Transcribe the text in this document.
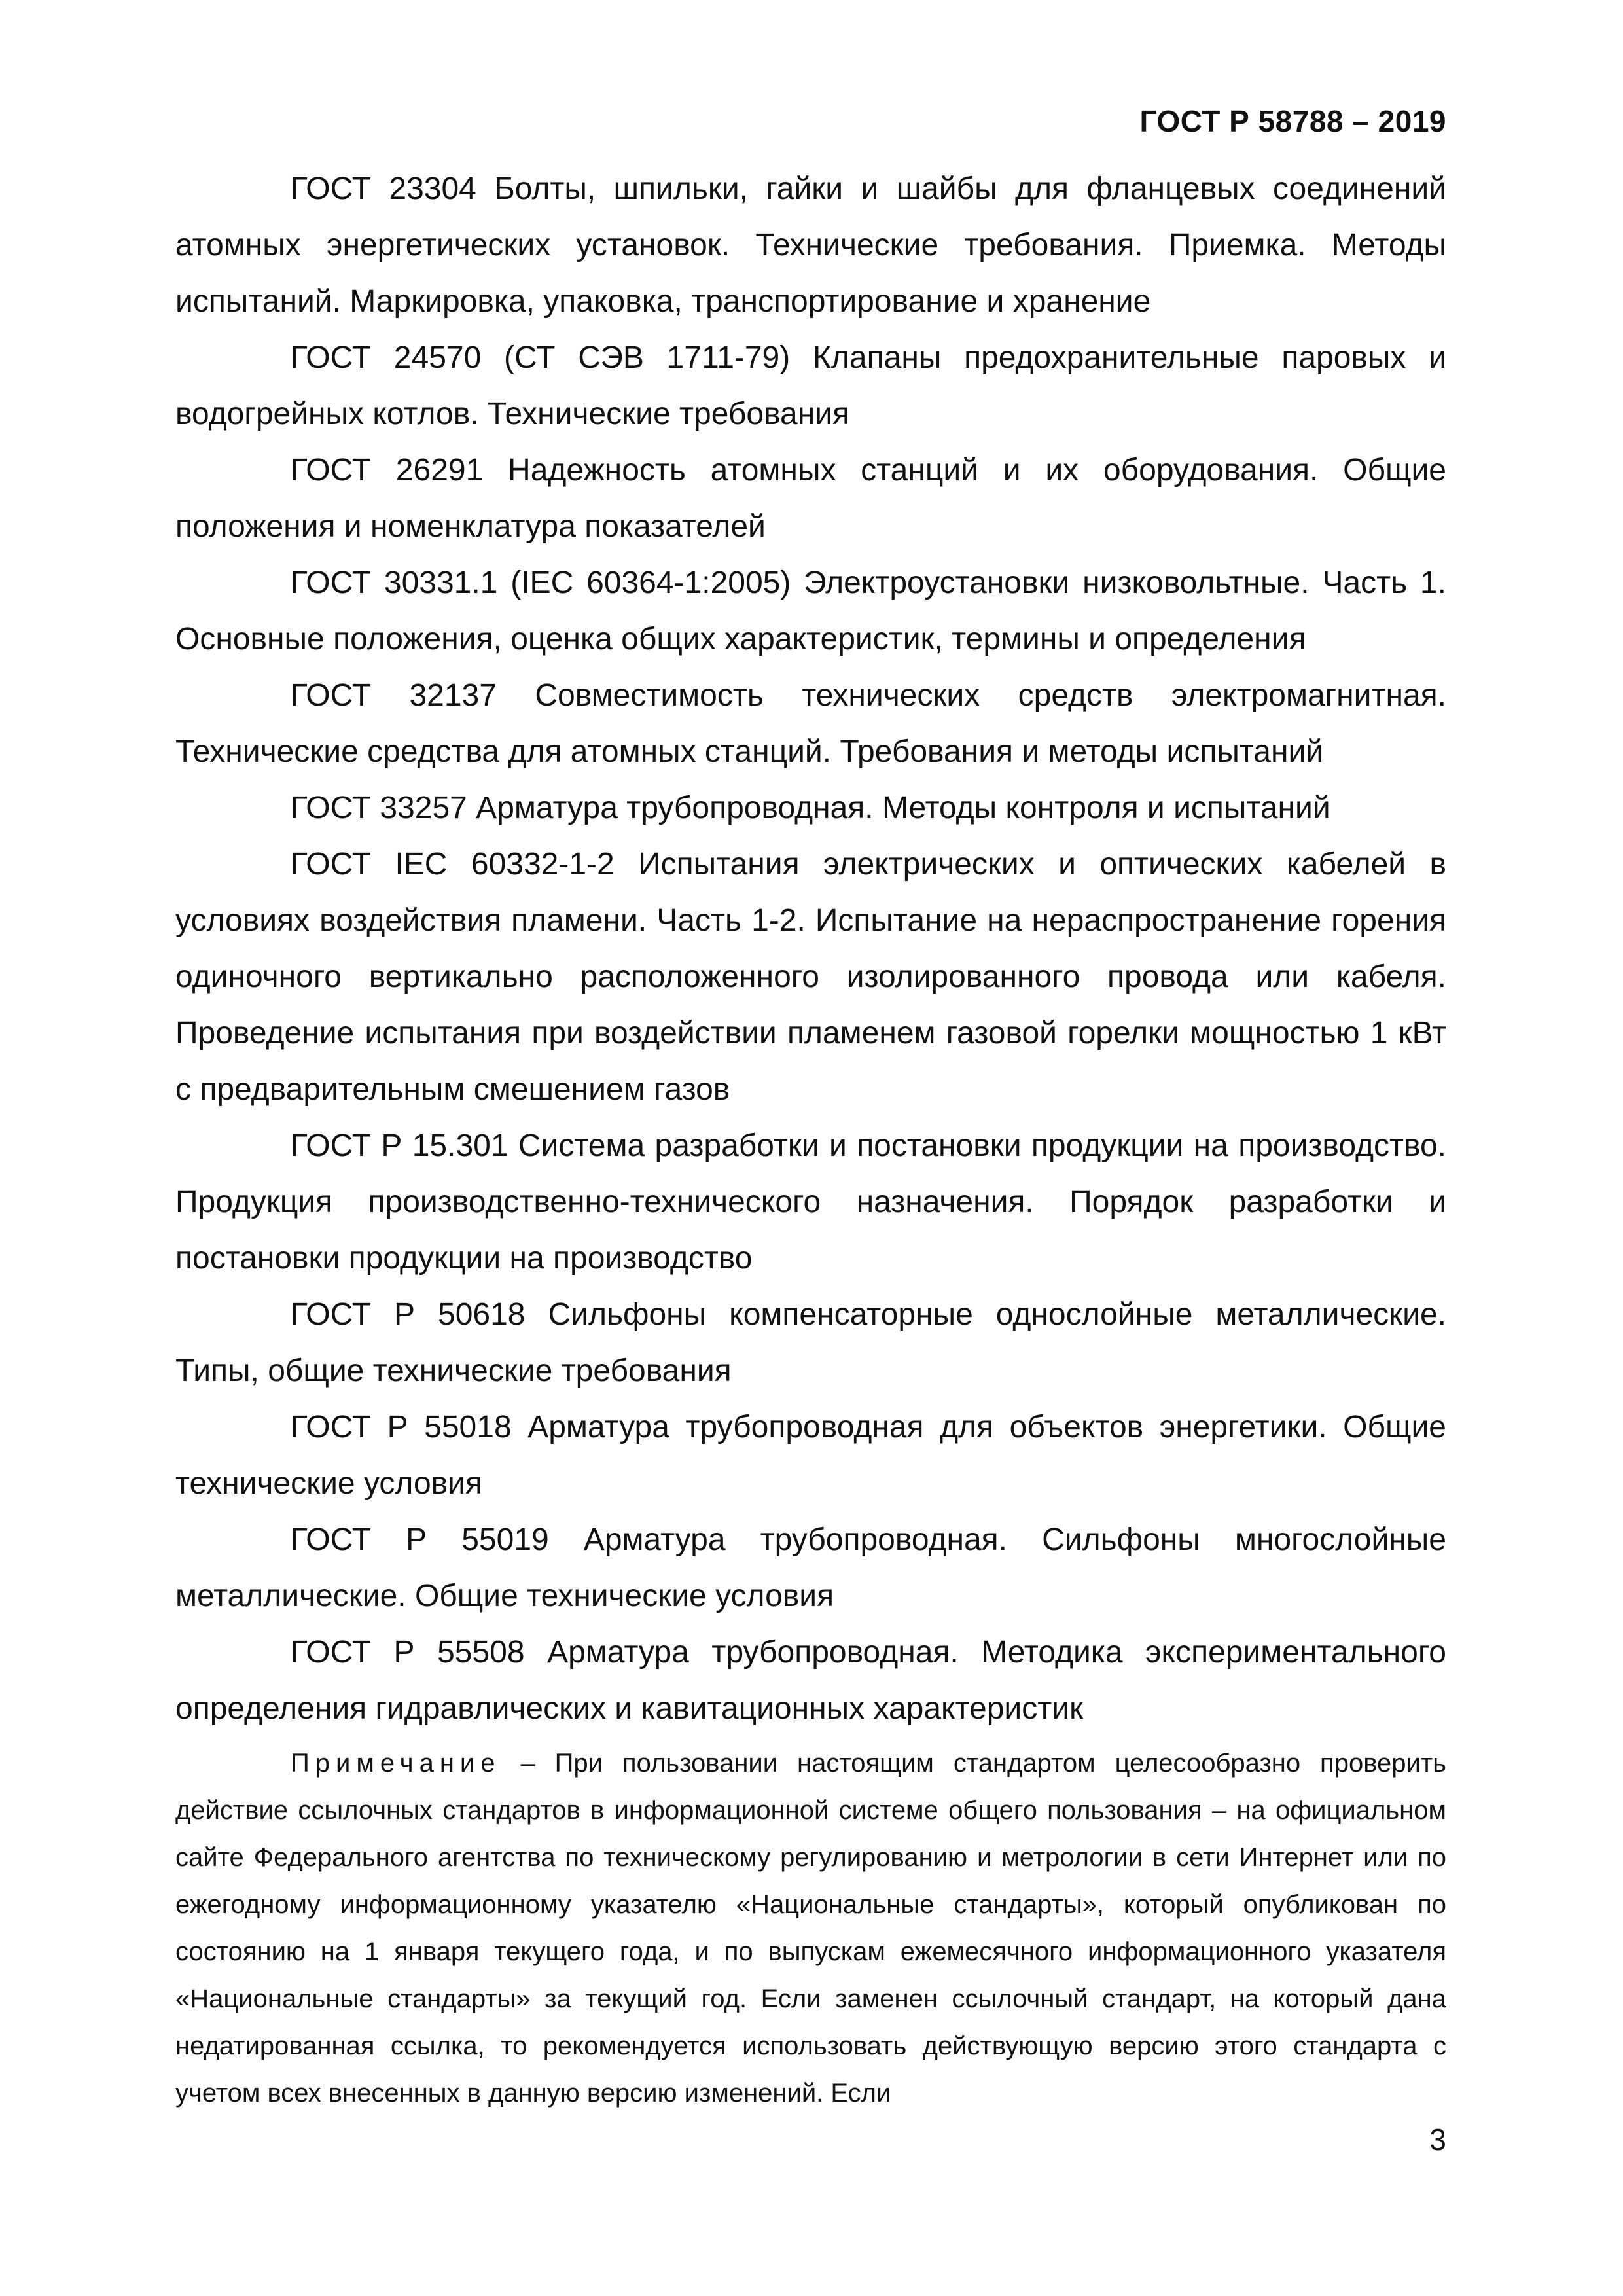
ГОСТ Р 58788 – 2019

ГОСТ 23304 Болты, шпильки, гайки и шайбы для фланцевых соединений атомных энергетических установок. Технические требования. Приемка. Методы испытаний. Маркировка, упаковка, транспортирование и хранение

ГОСТ 24570 (СТ СЭВ 1711-79) Клапаны предохранительные паровых и водогрейных котлов. Технические требования

ГОСТ 26291 Надежность атомных станций и их оборудования. Общие положения и номенклатура показателей

ГОСТ 30331.1 (IEC 60364-1:2005) Электроустановки низковольтные. Часть 1. Основные положения, оценка общих характеристик, термины и определения

ГОСТ 32137 Совместимость технических средств электромагнитная. Технические средства для атомных станций. Требования и методы испытаний

ГОСТ 33257 Арматура трубопроводная. Методы контроля и испытаний

ГОСТ IEC 60332-1-2 Испытания электрических и оптических кабелей в условиях воздействия пламени. Часть 1-2. Испытание на нераспространение горения одиночного вертикально расположенного изолированного провода или кабеля. Проведение испытания при воздействии пламенем газовой горелки мощностью 1 кВт с предварительным смешением газов

ГОСТ Р 15.301 Система разработки и постановки продукции на производство. Продукция производственно-технического назначения. Порядок разработки и постановки продукции на производство

ГОСТ Р 50618 Сильфоны компенсаторные однослойные металлические. Типы, общие технические требования

ГОСТ Р 55018 Арматура трубопроводная для объектов энергетики. Общие технические условия

ГОСТ Р 55019 Арматура трубопроводная. Сильфоны многослойные металлические. Общие технические условия

ГОСТ Р 55508 Арматура трубопроводная. Методика экспериментального определения гидравлических и кавитационных характеристик

Примечание – При пользовании настоящим стандартом целесообразно проверить действие ссылочных стандартов в информационной системе общего пользования – на официальном сайте Федерального агентства по техническому регулированию и метрологии в сети Интернет или по ежегодному информационному указателю «Национальные стандарты», который опубликован по состоянию на 1 января текущего года, и по выпускам ежемесячного информационного указателя «Национальные стандарты» за текущий год. Если заменен ссылочный стандарт, на который дана недатированная ссылка, то рекомендуется использовать действующую версию этого стандарта с учетом всех внесенных в данную версию изменений. Если

3
